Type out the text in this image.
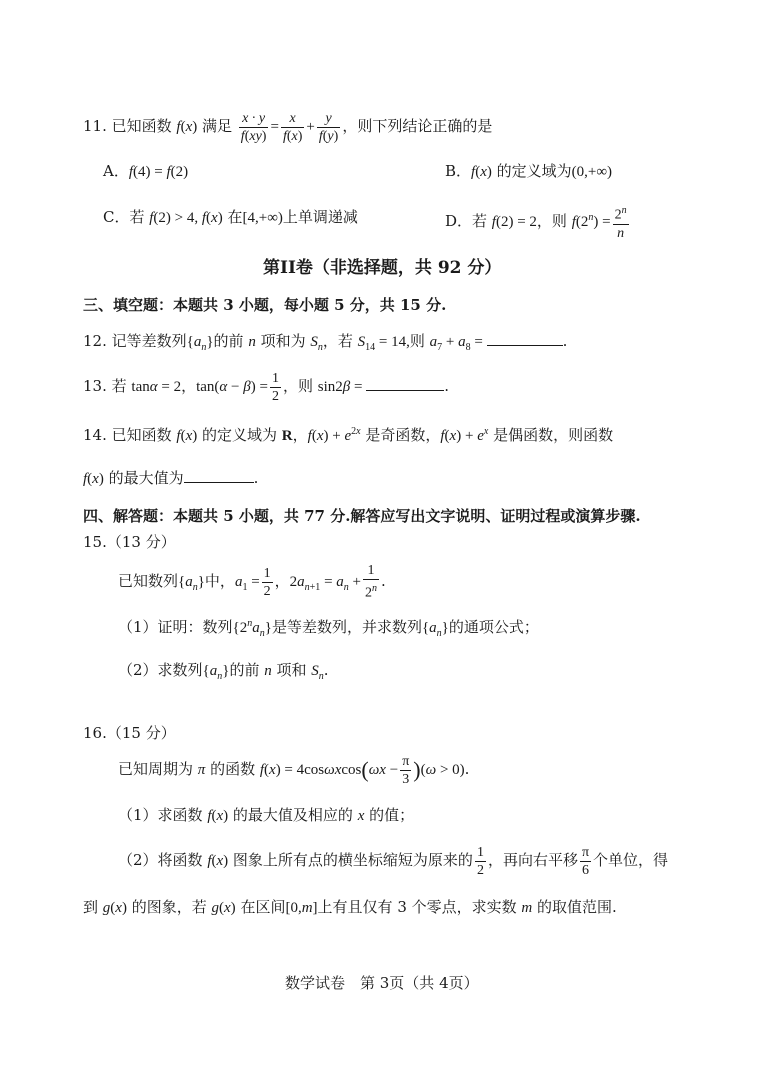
11. 已知函数 f(x) 满足 $\frac{x \cdot y}{f(xy)} = \frac{x}{f(x)} + \frac{y}{f(y)}$ ，则下列结论正确的是
A．f(4) = f(2)	B．f(x) 的定义域为(0,+∞)
C．若 f(2) > 4, f(x) 在[4,+∞)上单调递减	D．若 f(2) = 2，则 $f(2^n) = \frac{2^n}{n}$
第II卷（非选择题，共 92 分）
三、填空题：本题共 3 小题，每小题 5 分，共 15 分.
12. 记等差数列$\{a_n\}$的前 n 项和为 $S_n$，若 $S_{14} = 14$,则 $a_7 + a_8$ =	.
13. 若 tanα = 2，$\tan(\alpha - \beta) = \frac{1}{2}$ ，则 sin2β =	.
14. 已知函数 f(x) 的定义域为 R，$f(x) + e^{2x}$ 是奇函数，$f(x) + e^x$ 是偶函数，则函数
f(x) 的最大值为	.
四、解答题：本题共 5 小题，共 77 分.解答应写出文字说明、证明过程或演算步骤.
15.（13 分）
已知数列$\{a_n\}$中，$a_1 = \frac{1}{2}$ ，$2a_{n+1} = a_n + \frac{1}{2^n}$ .
（1）证明：数列$\{2^na_n\}$是等差数列，并求数列$\{a_n\}$的通项公式；
（2）求数列$\{a_n\}$的前 n 项和 $S_n$.
16.（15 分）
已知周期为 π 的函数 $f(x) = 4\cos\omega xcos(\omega x - \frac{\pi}{3} )(\omega > 0)$.
（1）求函数 f(x) 的最大值及相应的 x 的值；
（2）将函数 f(x) 图象上所有点的横坐标缩短为原来的 $\frac{1}{2}$ ，再向右平移 $\frac{\pi}{6}$ 个单位，得
到 g(x) 的图象，若 g(x) 在区间[0,m]上有且仅有 3 个零点，求实数 m 的取值范围.
数学试卷　第 3页（共 4页）
